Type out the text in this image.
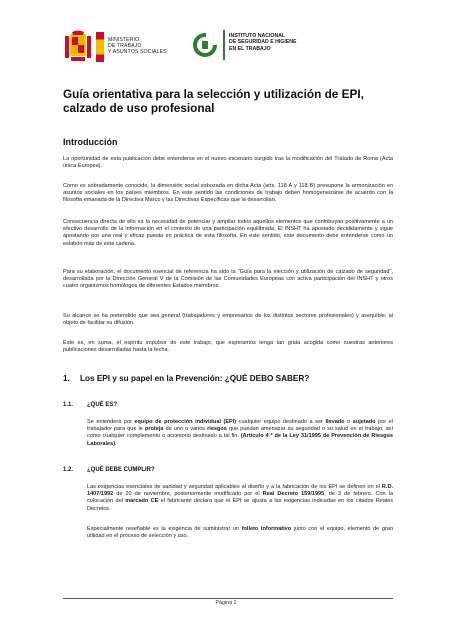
MINISTERIO
DE TRABAJO
Y ASUNTOS SOCIALES
INSTITUTO NACIONAL
DE SEGURIDAD E HIGIENE
EN EL TRABAJO
Guía orientativa para la selección y utilización de EPI, calzado de uso profesional
Introducción

La oportunidad de esta publicación debe entenderse en el nuevo escenario surgido tras la modificación del Tratado de Roma (Acta única Europea).

Como es sobradamente conocido, la dimensión social esbozada en dicha Acta (arts. 118 A y 118 B) presupone la armonización en asuntos sociales en los países miembros. En este sentido las condiciones de trabajo deben homogeneizarse de acuerdo con la filosofía emanada de la Directiva Marco y las Directivas Específicas que la desarrollan.

Consecuencia directa de ello es la necesidad de potenciar y ampliar todos aquellos elementos que contribuyan positivamente a un efectivo desarrollo de la información en el contexto de una participación equilibrada. El INSHT ha apostado decididamente y sigue apostando por una real y eficaz puesta en práctica de esta filosofía. En este sentido, este documento debe entenderse como un eslabón más de esta cadena.

Para su elaboración, el documento esencial de referencia ha sido la "Guía para la elección y utilización de calzado de seguridad", desarrollada por la Dirección General V de la Comisión de las Comunidades Europeas con activa participación del INSHT y otros cuatro organismos homólogos de diferentes Estados miembros.

Su alcance se ha pretendido que sea general (trabajadores y empresarios de los distintos sectores profesionales) y asequible, al objeto de facilitar su difusión.

Éste es, en suma, el espíritu impulsor de este trabajo, que esperamos tenga tan grata acogida como nuestras anteriores publicaciones desarrolladas hasta la fecha.

1. Los EPI y su papel en la Prevención: ¿QUÉ DEBO SABER?
1.1. ¿QUÉ ES?
Se entenderá por equipo de protección individual (EPI) cualquier equipo destinado a ser llevado o sujetado por el trabajador para que le proteja de uno o varios riesgos que puedan amenazar su seguridad o su salud en el trabajo, así como cualquier complemento o accesorio destinado a tal fin. (Artículo 4 º de la Ley 31/1995 de Prevención de Riesgos Laborales).
1.2. ¿QUÉ DEBE CUMPLIR?
Las exigencias esenciales de sanidad y seguridad aplicables al diseño y a la fabricación de los EPI se definen en el R.D. 1407/1992 de 20 de noviembre, posteriormente modificado por el Real Decreto 159/1995, de 3 de febrero. Con la colocación del marcado CE el fabricante declara que el EPI se ajusta a las exigencias indicadas en los citados Reales Decretos.
Especialmente reseñable es la exigencia de suministrar un folleto informativo junto con el equipo, elemento de gran utilidad en el proceso de selección y uso.
Página 1
